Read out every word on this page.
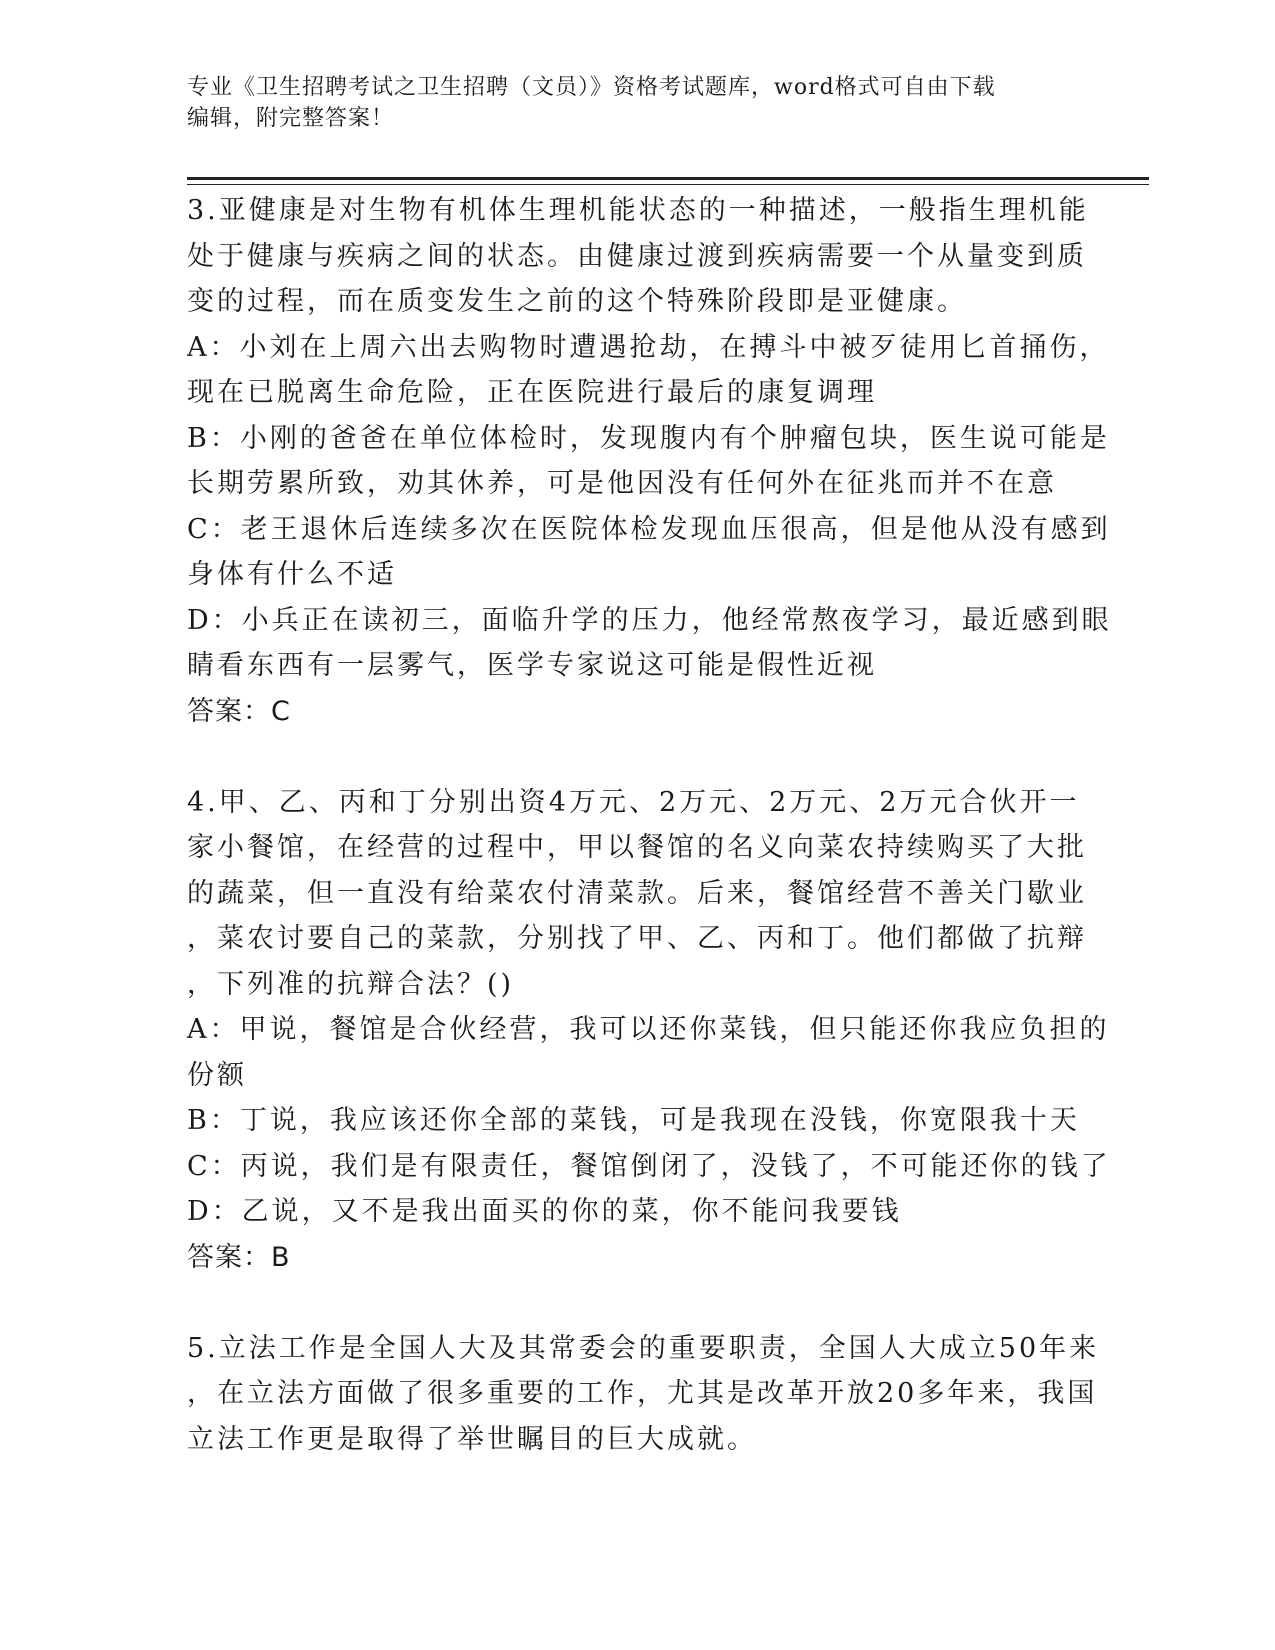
专业《卫生招聘考试之卫生招聘（文员）》资格考试题库，word格式可自由下载
编辑，附完整答案！
3.亚健康是对生物有机体生理机能状态的一种描述，一般指生理机能
处于健康与疾病之间的状态。由健康过渡到疾病需要一个从量变到质
变的过程，而在质变发生之前的这个特殊阶段即是亚健康。
A：小刘在上周六出去购物时遭遇抢劫，在搏斗中被歹徒用匕首捅伤，
现在已脱离生命危险，正在医院进行最后的康复调理
B：小刚的爸爸在单位体检时，发现腹内有个肿瘤包块，医生说可能是
长期劳累所致，劝其休养，可是他因没有任何外在征兆而并不在意
C：老王退休后连续多次在医院体检发现血压很高，但是他从没有感到
身体有什么不适
D：小兵正在读初三，面临升学的压力，他经常熬夜学习，最近感到眼
睛看东西有一层雾气，医学专家说这可能是假性近视
答案：C
4.甲、乙、丙和丁分别出资4万元、2万元、2万元、2万元合伙开一
家小餐馆，在经营的过程中，甲以餐馆的名义向菜农持续购买了大批
的蔬菜，但一直没有给菜农付清菜款。后来，餐馆经营不善关门歇业
，菜农讨要自己的菜款，分别找了甲、乙、丙和丁。他们都做了抗辩
，下列准的抗辩合法？()
A：甲说，餐馆是合伙经营，我可以还你菜钱，但只能还你我应负担的
份额
B：丁说，我应该还你全部的菜钱，可是我现在没钱，你宽限我十天
C：丙说，我们是有限责任，餐馆倒闭了，没钱了，不可能还你的钱了
D：乙说，又不是我出面买的你的菜，你不能问我要钱
答案：B
5.立法工作是全国人大及其常委会的重要职责，全国人大成立50年来
，在立法方面做了很多重要的工作，尤其是改革开放20多年来，我国
立法工作更是取得了举世瞩目的巨大成就。
